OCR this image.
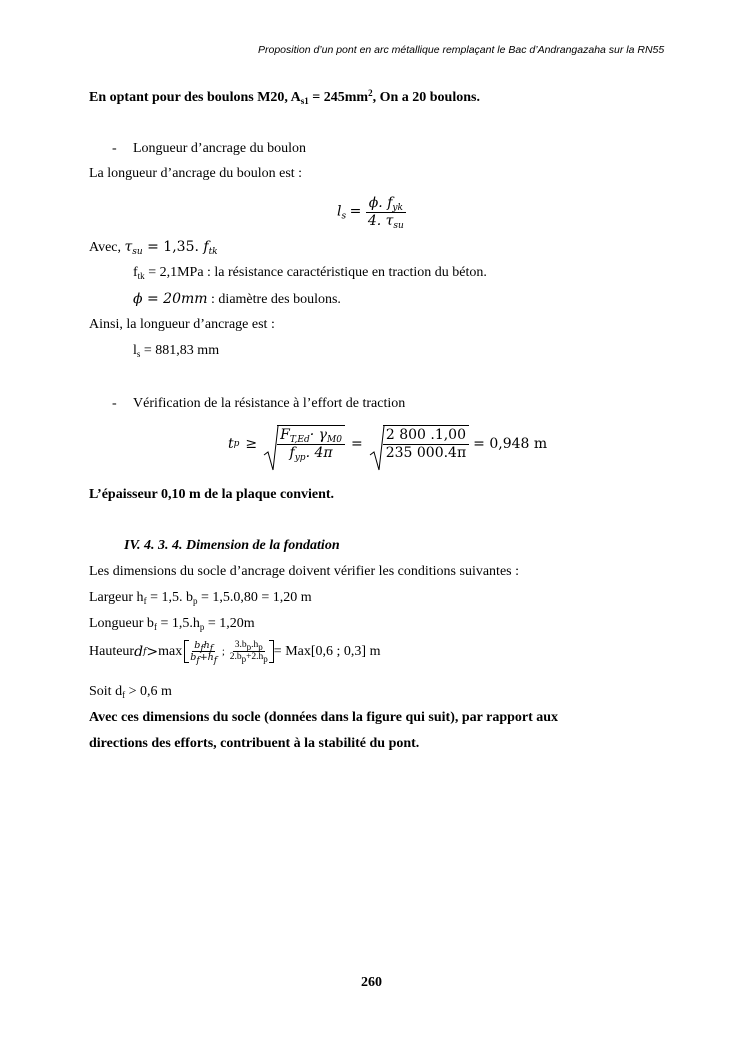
Proposition d’un pont en arc métallique remplaçant le Bac d’Andrangazaha sur la RN55
En optant pour des boulons M20, $A_{s1} = 245mm^2$, On a 20 boulons.
- Longueur d’ancrage du boulon
La longueur d’ancrage du boulon est :
$l_s = \frac{\phi. f_{yk}}{4. \tau_{su}}$
Avec, $\tau_{su} = 1,35$. $f_{tk}$
$f_{tk} = 2,1MPa$ : la résistance caractéristique en traction du béton.
ϕ = 20mm : diamètre des boulons.
Ainsi, la longueur d’ancrage est :
$l_s = 881,83$ mm
- Vérification de la résistance à l’effort de traction
t $p \ge \frac{F_{T,Ed}\cdot \gamma_{M0}}{f_{yp}. 4\pi} = \frac{2 800 .1,00}{235 000.4\pi} = 0,948$ m
L’épaisseur 0,10 m de la plaque convient.
IV. 4. 3. 4. Dimension de la fondation
Les dimensions du socle d’ancrage doivent vérifier les conditions suivantes :
Largeur $h_f = 1,5$. $b_p = 1,5.0,80 = 1,20$ m
Longueur $b_f = 1,5.h_p = 1,20m$
Hauteur d $f > \max \frac{b_fh_f}{b_f+h_f}$ ; $\frac{3.b_p.h_p}{2.b_p+2.h_p} = Max[0,6$ ; 0,3] m
Soit $d_f > 0,6$ m
Avec ces dimensions du socle (données dans la figure qui suit), par rapport aux
directions des efforts, contribuent à la stabilité du pont.
260
